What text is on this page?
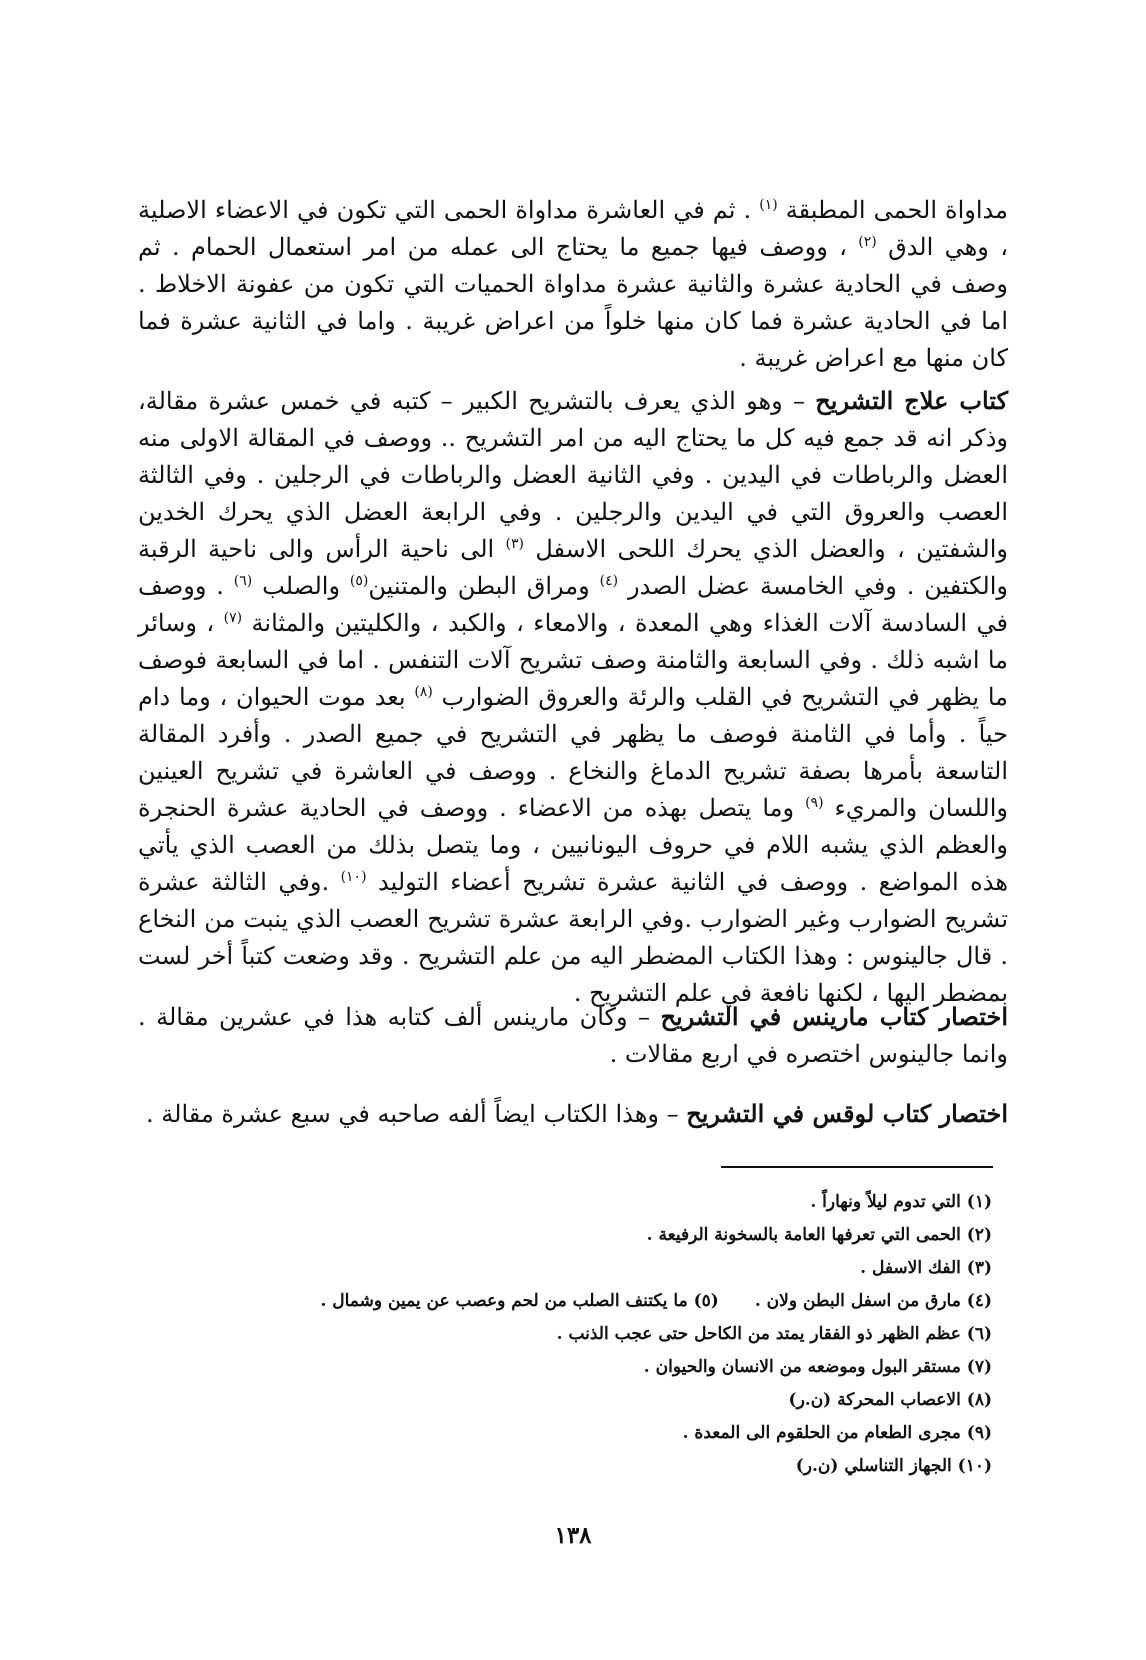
مداواة الحمى المطبقة $^{(١)}$ . ثم في العاشرة مداواة الحمى التي تكون في الاعضاء الاصلية ، وهي الدق $^{(٢)}$ ، ووصف فيها جميع ما يحتاج الى عمله من امر استعمال الحمام . ثم وصف في الحادية عشرة والثانية عشرة مداواة الحميات التي تكون من عفونة الاخلاط . اما في الحادية عشرة فما كان منها خلواً من اعراض غريبة . واما في الثانية عشرة فما كان منها مع اعراض غريبة .

كتاب علاج التشريح – وهو الذي يعرف بالتشريح الكبير – كتبه في خمس عشرة مقالة، وذكر انه قد جمع فيه كل ما يحتاج اليه من امر التشريح .. ووصف في المقالة الاولى منه العضل والرباطات في اليدين . وفي الثانية العضل والرباطات في الرجلين . وفي الثالثة العصب والعروق التي في اليدين والرجلين . وفي الرابعة العضل الذي يحرك الخدين والشفتين ، والعضل الذي يحرك اللحى الاسفل $^{(٣)}$ الى ناحية الرأس والى ناحية الرقبة والكتفين . وفي الخامسة عضل الصدر $^{(٤)}$ ومراق البطن والمتنين$^{(٥)}$ والصلب $^{(٦)}$ . ووصف في السادسة آلات الغذاء وهي المعدة ، والامعاء ، والكبد ، والكليتين والمثانة $^{(٧)}$ ، وسائر ما اشبه ذلك . وفي السابعة والثامنة وصف تشريح آلات التنفس . اما في السابعة فوصف ما يظهر في التشريح في القلب والرئة والعروق الضوارب $^{(٨)}$ بعد موت الحيوان ، وما دام حياً . وأما في الثامنة فوصف ما يظهر في التشريح في جميع الصدر . وأفرد المقالة التاسعة بأمرها بصفة تشريح الدماغ والنخاع . ووصف في العاشرة في تشريح العينين واللسان والمريء $^{(٩)}$ وما يتصل بهذه من الاعضاء . ووصف في الحادية عشرة الحنجرة والعظم الذي يشبه اللام في حروف اليونانيين ، وما يتصل بذلك من العصب الذي يأتي هذه المواضع . ووصف في الثانية عشرة تشريح أعضاء التوليد $^{(١٠)}$ .وفي الثالثة عشرة تشريح الضوارب وغير الضوارب .وفي الرابعة عشرة تشريح العصب الذي ينبت من النخاع . قال جالينوس : وهذا الكتاب المضطر اليه من علم التشريح . وقد وضعت كتباً أخر لست بمضطر اليها ، لكنها نافعة في علم التشريح .

اختصار كتاب مارينس في التشريح – وكان مارينس ألف كتابه هذا في عشرين مقالة . وانما جالينوس اختصره في اربع مقالات .

اختصار كتاب لوقس في التشريح – وهذا الكتاب ايضاً ألفه صاحبه في سبع عشرة مقالة .

(١) التي تدوم ليلاً ونهاراً .
(٢) الحمى التي تعرفها العامة بالسخونة الرفيعة .
(٣) الفك الاسفل .
(٤) مارق من اسفل البطن ولان .(٥) ما يكتنف الصلب من لحم وعصب عن يمين وشمال .
(٦) عظم الظهر ذو الفقار يمتد من الكاحل حتى عجب الذنب .
(٧) مستقر البول وموضعه من الانسان والحيوان .
(٨) الاعصاب المحركة (ن.ر)
(٩) مجرى الطعام من الحلقوم الى المعدة .
(١٠) الجهاز التناسلي (ن.ر)
١٣٨
